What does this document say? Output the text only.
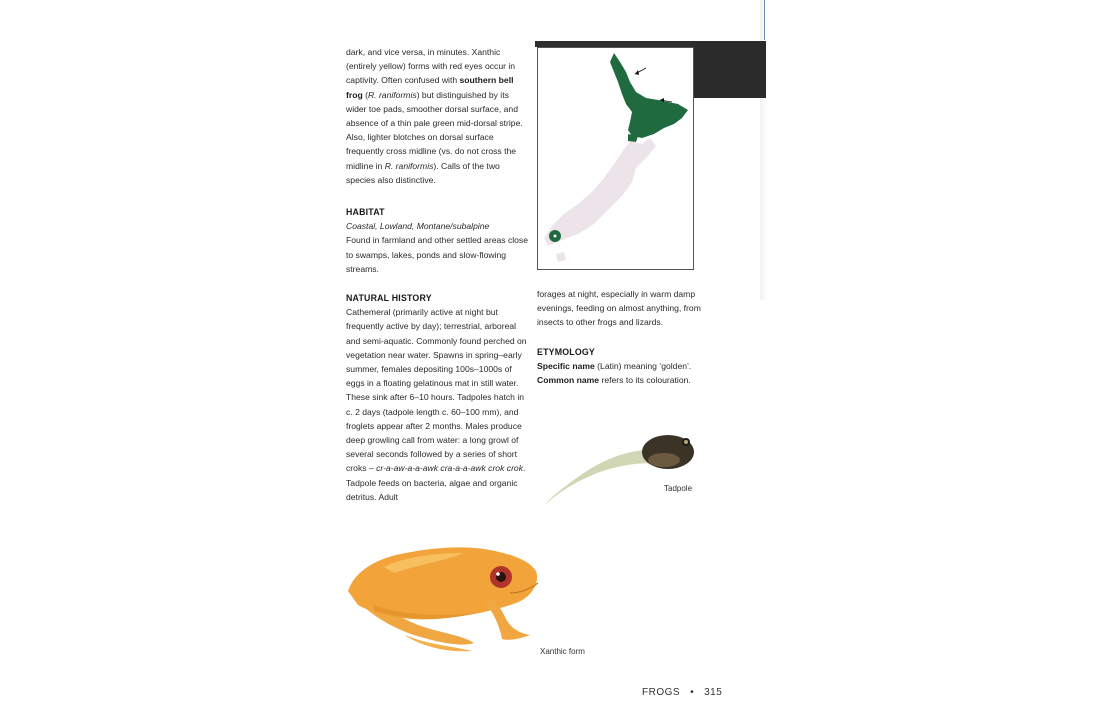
dark, and vice versa, in minutes. Xanthic (entirely yellow) forms with red eyes occur in captivity. Often confused with southern bell frog (R. raniformis) but distinguished by its wider toe pads, smoother dorsal surface, and absence of a thin pale green mid-dorsal stripe. Also, lighter blotches on dorsal surface frequently cross midline (vs. do not cross the midline in R. raniformis). Calls of the two species also distinctive.

HABITAT

Coastal, Lowland, Montane/subalpine

Found in farmland and other settled areas close to swamps, lakes, ponds and slow-flowing streams.

NATURAL HISTORY

Cathemeral (primarily active at night but frequently active by day); terrestrial, arboreal and semi-aquatic. Commonly found perched on vegetation near water. Spawns in spring–early summer, females depositing 100s–1000s of eggs in a floating gelatinous mat in still water. These sink after 6–10 hours. Tadpoles hatch in c. 2 days (tadpole length c. 60–100 mm), and froglets appear after 2 months. Males produce deep growling call from water: a long growl of several seconds followed by a series of short croks – cr-a-aw-a-a-awk cra-a-a-awk crok crok. Tadpole feeds on bacteria, algae and organic detritus. Adult

forages at night, especially in warm damp evenings, feeding on almost anything, from insects to other frogs and lizards.

ETYMOLOGY

Specific name (Latin) meaning ‘golden’.

Common name refers to its colouration.

Tadpole
Xanthic form
FROGS • 315
